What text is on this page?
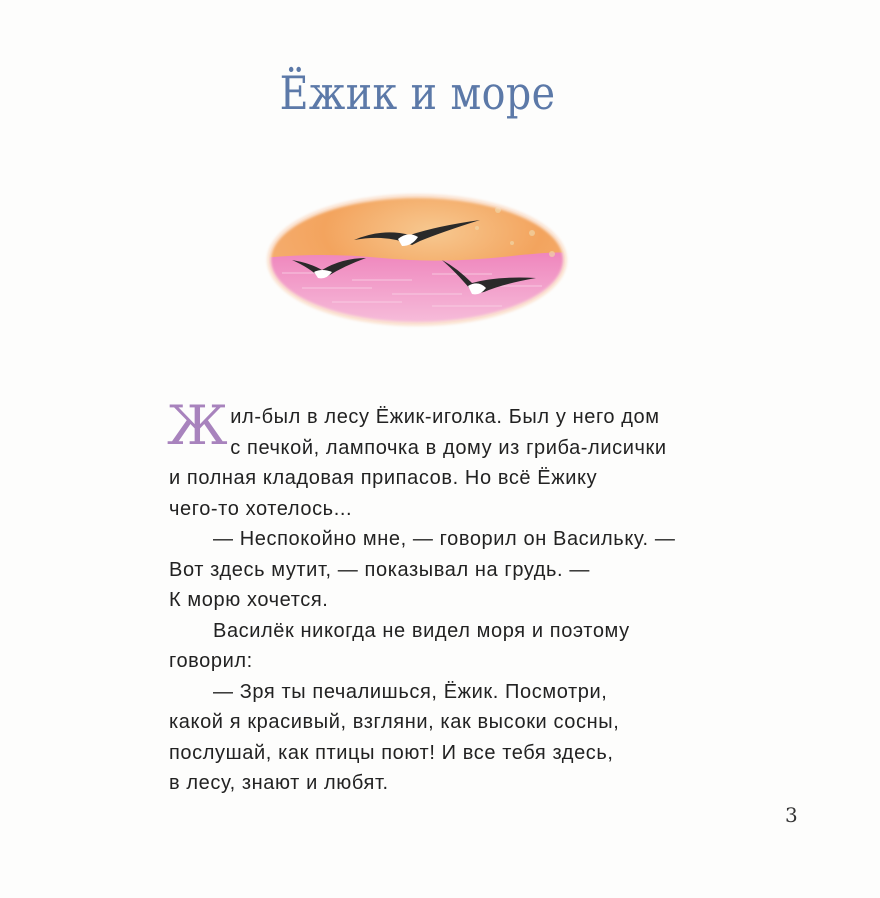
Ёжик и море

Ж ил-был в лесу Ёжик-иголка. Был у него дом
с печкой, лампочка в дому из гриба-лисички
и полная кладовая припасов. Но всё Ёжику
чего-то хотелось...

— Неспокойно мне, — говорил он Васильку. —
Вот здесь мутит, — показывал на грудь. —
К морю хочется.

Василёк никогда не видел моря и поэтому
говорил:

— Зря ты печалишься, Ёжик. Посмотри,
какой я красивый, взгляни, как высоки сосны,
послушай, как птицы поют! И все тебя здесь,
в лесу, знают и любят.

3
